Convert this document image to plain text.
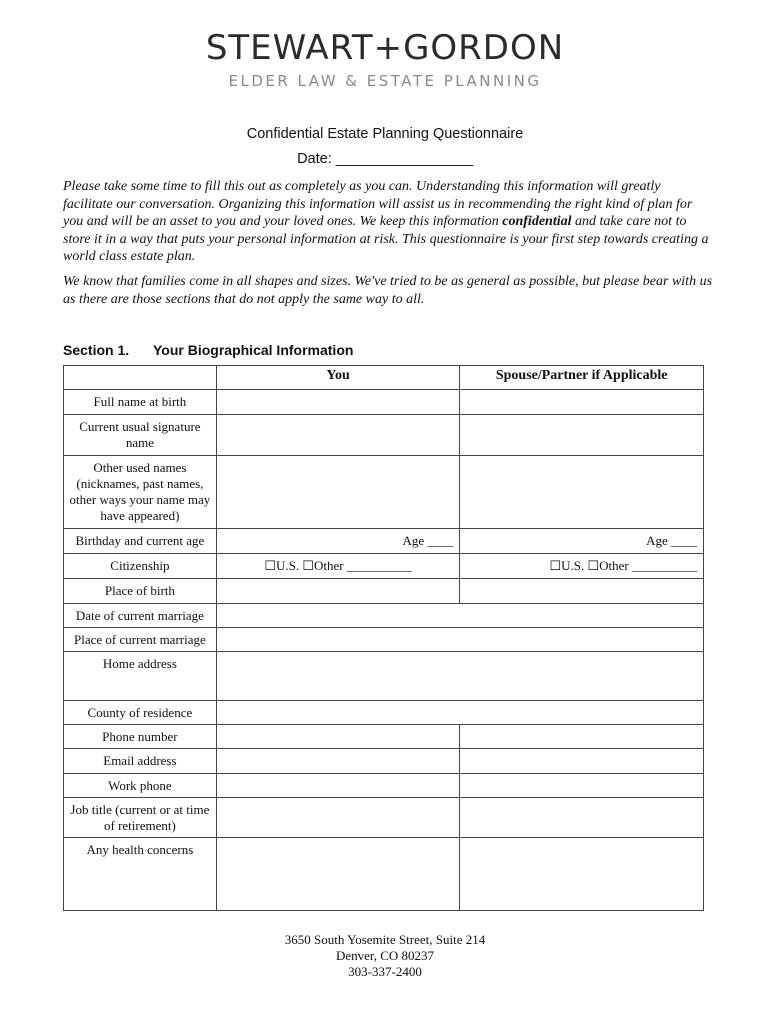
STEWART+GORDON
ELDER LAW & ESTATE PLANNING
Confidential Estate Planning Questionnaire
Date: _________________

Please take some time to fill this out as completely as you can. Understanding this information will greatly facilitate our conversation. Organizing this information will assist us in recommending the right kind of plan for you and will be an asset to you and your loved ones. We keep this information confidential and take care not to store it in a way that puts your personal information at risk. This questionnaire is your first step towards creating a world class estate plan.

We know that families come in all shapes and sizes. We've tried to be as general as possible, but please bear with us as there are those sections that do not apply the same way to all.

Section 1. Your Biographical Information
	You	Spouse/Partner if Applicable
Full name at birth		
Current usual signature name		
Other used names (nicknames, past names, other ways your name may have appeared)		
Birthday and current age	Age ____	Age ____
Citizenship	☐U.S. ☐Other __________	☐U.S. ☐Other __________
Place of birth		
Date of current marriage		
Place of current marriage		
Home address		
County of residence		
Phone number		
Email address		
Work phone		
Job title (current or at time of retirement)		
Any health concerns		
3650 South Yosemite Street, Suite 214
Denver, CO 80237
303-337-2400
